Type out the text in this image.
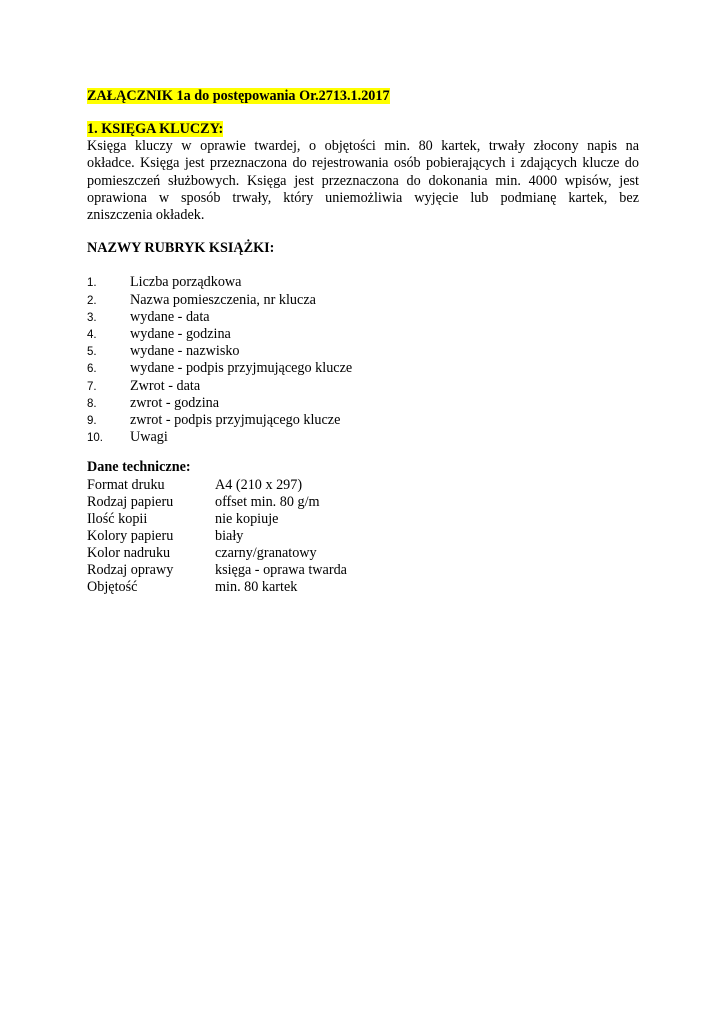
ZAŁĄCZNIK 1a do postępowania Or.2713.1.2017
1. KSIĘGA KLUCZY:
Księga kluczy w oprawie twardej, o objętości min. 80 kartek, trwały złocony napis na
okładce. Księga jest przeznaczona do rejestrowania osób pobierających i zdających klucze do
pomieszczeń służbowych. Księga jest przeznaczona do dokonania min. 4000 wpisów, jest
oprawiona w sposób trwały, który uniemożliwia wyjęcie lub podmianę kartek, bez
zniszczenia okładek.
NAZWY RUBRYK KSIĄŻKI:
1.	Liczba porządkowa
2.	Nazwa pomieszczenia, nr klucza
3.	wydane - data
4.	wydane - godzina
5.	wydane - nazwisko
6.	wydane - podpis przyjmującego klucze
7.	Zwrot - data
8.	zwrot - godzina
9.	zwrot - podpis przyjmującego klucze
10.	Uwagi
Dane techniczne:
Format druku	A4 (210 x 297)
Rodzaj papieru	offset min. 80 g/m
Ilość kopii	nie kopiuje
Kolory papieru	biały
Kolor nadruku	czarny/granatowy
Rodzaj oprawy	księga - oprawa twarda
Objętość	min. 80 kartek
